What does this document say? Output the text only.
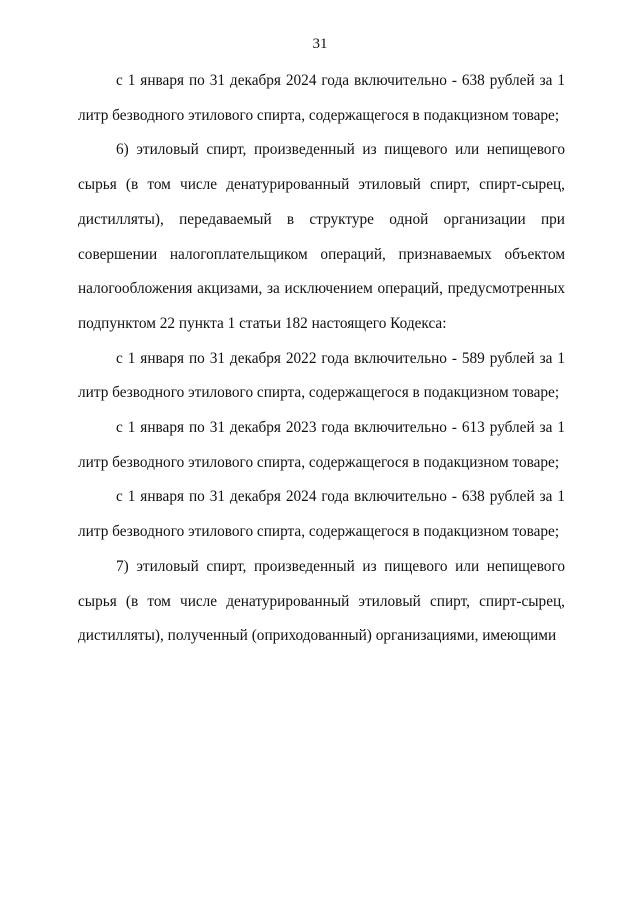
31

с 1 января по 31 декабря 2024 года включительно - 638 рублей за 1 литр безводного этилового спирта, содержащегося в подакцизном товаре;

6) этиловый спирт, произведенный из пищевого или непищевого сырья (в том числе денатурированный этиловый спирт, спирт-сырец, дистилляты), передаваемый в структуре одной организации при совершении налогоплательщиком операций, признаваемых объектом налогообложения акцизами, за исключением операций, предусмотренных подпунктом 22 пункта 1 статьи 182 настоящего Кодекса:

с 1 января по 31 декабря 2022 года включительно - 589 рублей за 1 литр безводного этилового спирта, содержащегося в подакцизном товаре;

с 1 января по 31 декабря 2023 года включительно - 613 рублей за 1 литр безводного этилового спирта, содержащегося в подакцизном товаре;

с 1 января по 31 декабря 2024 года включительно - 638 рублей за 1 литр безводного этилового спирта, содержащегося в подакцизном товаре;

7) этиловый спирт, произведенный из пищевого или непищевого сырья (в том числе денатурированный этиловый спирт, спирт-сырец, дистилляты), полученный (оприходованный) организациями, имеющими
